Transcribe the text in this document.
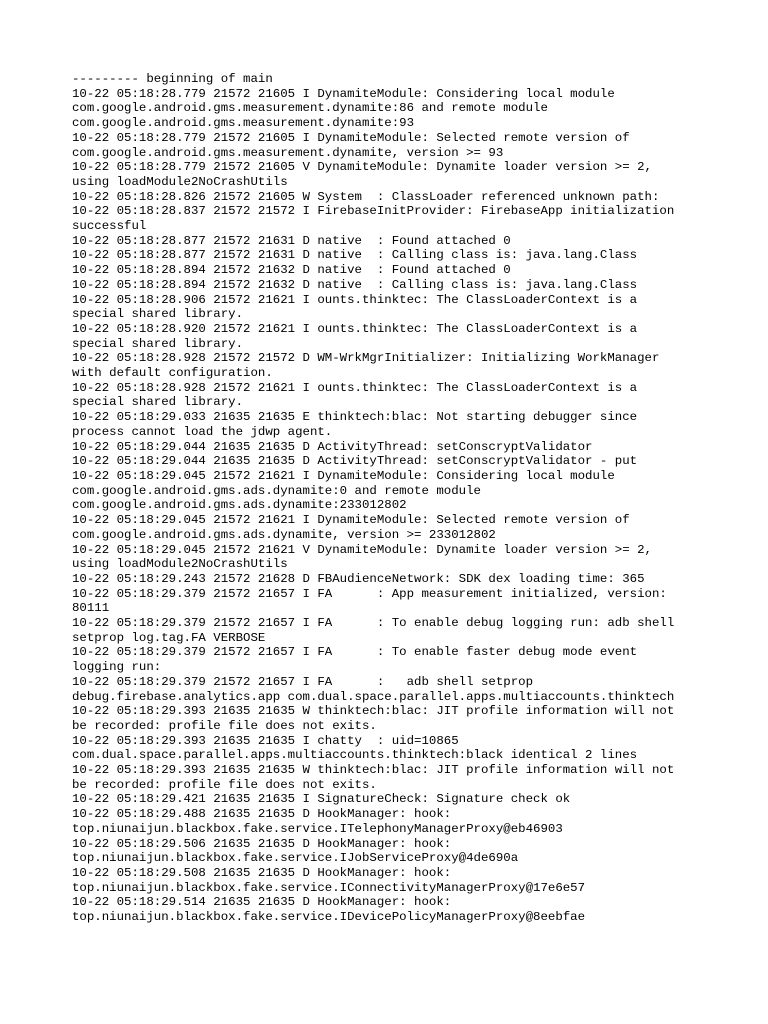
--------- beginning of main
10-22 05:18:28.779 21572 21605 I DynamiteModule: Considering local module
com.google.android.gms.measurement.dynamite:86 and remote module
com.google.android.gms.measurement.dynamite:93
10-22 05:18:28.779 21572 21605 I DynamiteModule: Selected remote version of
com.google.android.gms.measurement.dynamite, version >= 93
10-22 05:18:28.779 21572 21605 V DynamiteModule: Dynamite loader version >= 2,
using loadModule2NoCrashUtils
10-22 05:18:28.826 21572 21605 W System  : ClassLoader referenced unknown path:
10-22 05:18:28.837 21572 21572 I FirebaseInitProvider: FirebaseApp initialization
successful
10-22 05:18:28.877 21572 21631 D native  : Found attached 0
10-22 05:18:28.877 21572 21631 D native  : Calling class is: java.lang.Class
10-22 05:18:28.894 21572 21632 D native  : Found attached 0
10-22 05:18:28.894 21572 21632 D native  : Calling class is: java.lang.Class
10-22 05:18:28.906 21572 21621 I ounts.thinktec: The ClassLoaderContext is a
special shared library.
10-22 05:18:28.920 21572 21621 I ounts.thinktec: The ClassLoaderContext is a
special shared library.
10-22 05:18:28.928 21572 21572 D WM-WrkMgrInitializer: Initializing WorkManager
with default configuration.
10-22 05:18:28.928 21572 21621 I ounts.thinktec: The ClassLoaderContext is a
special shared library.
10-22 05:18:29.033 21635 21635 E thinktech:blac: Not starting debugger since
process cannot load the jdwp agent.
10-22 05:18:29.044 21635 21635 D ActivityThread: setConscryptValidator
10-22 05:18:29.044 21635 21635 D ActivityThread: setConscryptValidator - put
10-22 05:18:29.045 21572 21621 I DynamiteModule: Considering local module
com.google.android.gms.ads.dynamite:0 and remote module
com.google.android.gms.ads.dynamite:233012802
10-22 05:18:29.045 21572 21621 I DynamiteModule: Selected remote version of
com.google.android.gms.ads.dynamite, version >= 233012802
10-22 05:18:29.045 21572 21621 V DynamiteModule: Dynamite loader version >= 2,
using loadModule2NoCrashUtils
10-22 05:18:29.243 21572 21628 D FBAudienceNetwork: SDK dex loading time: 365
10-22 05:18:29.379 21572 21657 I FA      : App measurement initialized, version:
80111
10-22 05:18:29.379 21572 21657 I FA      : To enable debug logging run: adb shell
setprop log.tag.FA VERBOSE
10-22 05:18:29.379 21572 21657 I FA      : To enable faster debug mode event
logging run:
10-22 05:18:29.379 21572 21657 I FA      :   adb shell setprop
debug.firebase.analytics.app com.dual.space.parallel.apps.multiaccounts.thinktech
10-22 05:18:29.393 21635 21635 W thinktech:blac: JIT profile information will not
be recorded: profile file does not exits.
10-22 05:18:29.393 21635 21635 I chatty  : uid=10865
com.dual.space.parallel.apps.multiaccounts.thinktech:black identical 2 lines
10-22 05:18:29.393 21635 21635 W thinktech:blac: JIT profile information will not
be recorded: profile file does not exits.
10-22 05:18:29.421 21635 21635 I SignatureCheck: Signature check ok
10-22 05:18:29.488 21635 21635 D HookManager: hook:
top.niunaijun.blackbox.fake.service.ITelephonyManagerProxy@eb46903
10-22 05:18:29.506 21635 21635 D HookManager: hook:
top.niunaijun.blackbox.fake.service.IJobServiceProxy@4de690a
10-22 05:18:29.508 21635 21635 D HookManager: hook:
top.niunaijun.blackbox.fake.service.IConnectivityManagerProxy@17e6e57
10-22 05:18:29.514 21635 21635 D HookManager: hook:
top.niunaijun.blackbox.fake.service.IDevicePolicyManagerProxy@8eebfae
